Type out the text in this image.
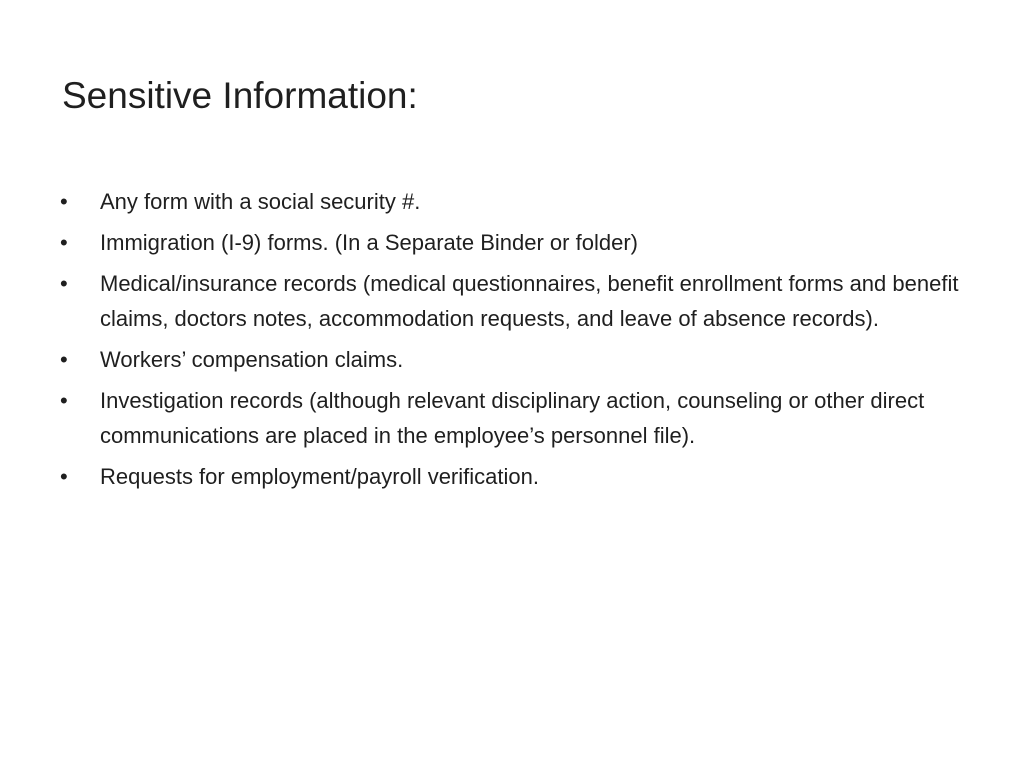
Sensitive Information:
•	Any form with a social security #.
•	Immigration (I-9) forms. (In a Separate Binder or folder)
•	Medical/insurance records (medical questionnaires, benefit enrollment forms and benefit claims, doctors notes, accommodation requests, and leave of absence records).
•	Workers’ compensation claims.
•	Investigation records (although relevant disciplinary action, counseling or other direct communications are placed in the employee’s personnel file).
•	Requests for employment/payroll verification.
